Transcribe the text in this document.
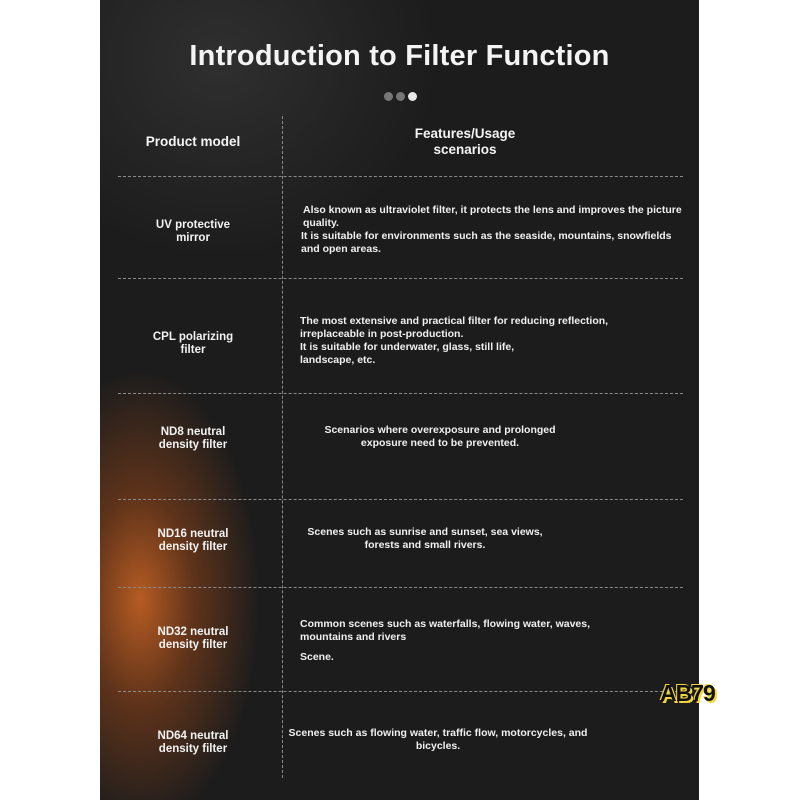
Introduction to Filter Function
Product model
Features/Usage
scenarios
UV protective
mirror

Also known as ultraviolet filter, it protects the lens and improves the picture quality.

It is suitable for environments such as the seaside, mountains, snowfields and open areas.

CPL polarizing
filter

The most extensive and practical filter for reducing reflection, irreplaceable in post-production.

It is suitable for underwater, glass, still life, landscape, etc.

ND8 neutral
density filter

Scenarios where overexposure and prolonged exposure need to be prevented.

ND16 neutral
density filter

Scenes such as sunrise and sunset, sea views, forests and small rivers.

ND32 neutral
density filter

Common scenes such as waterfalls, flowing water, waves, mountains and rivers

Scene.

ND64 neutral
density filter

Scenes such as flowing water, traffic flow, motorcycles, and bicycles.

AB79
